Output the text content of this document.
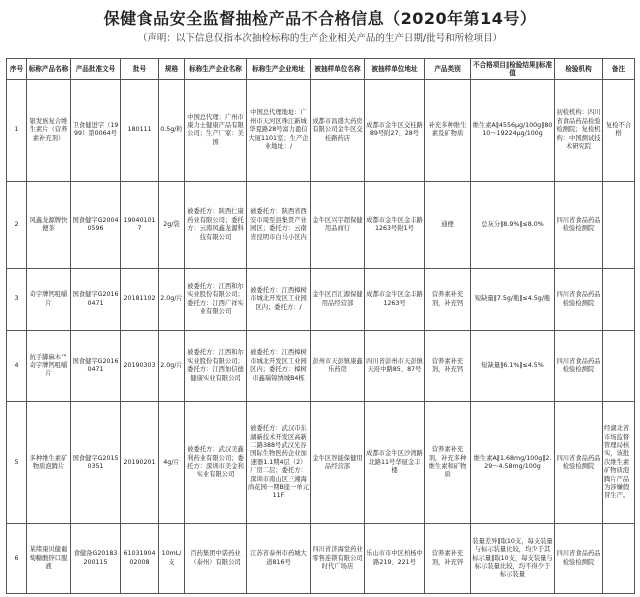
保健食品安全监督抽检产品不合格信息（2020年第14号）
（声明：以下信息仅指本次抽检标称的生产企业相关产品的生产日期/批号和所检项目）
序号	标称产品名称	产品批准文号	批号	规格	标称生产企业名称	标称生产企业地址	被抽样单位名称	被抽样单位地址	产品类别	不合格项目‖检验结果‖标准值	检验机构	备注
1	银发族复合维生素片（营养素补充剂）	卫食健进字（1999）第0064号	180111	0.5g/粒	中国总代理：广州市康力士健康产品有限公司；生产厂家：美国	中国总代理地址：广州市天河区珠江新城华夏路28号富力盈信大厦1101室；生产企业地址：/	成都市昌盛大药房有限公司金牛区交桂路药店	成都市金牛区交桂路89号附27、28号	补充多种维生素及矿物质	维生素A‖4556μg/100g‖8010～19224μg/100g	初检机构：四川省食品药品检验检测院；复检机构：中国测试技术研究院	复检不合格
2	风鑫龙源牌快便茶	国食健字G20040596	190401017	2g/袋	被委托方：陕西仁康药业有限公司；委托方：云南风鑫龙源科技有限公司	被委托方：陕西省西安市周至县集贤产业园区；委托方：云南省昆明市白马小区内	金牛区兴宇超保健用品商行	成都市金牛区金丰路1263号附1号	通便	总灰分‖8.9%‖≤8.0%	四川省食品药品检验检测院	
3	奇宇牌钙咀嚼片	国食健字G20160471	20181102	2.0g/片	被委托方：江西和尔实业股份有限公司；委托方：江西广祥实业有限公司	被委托方：江西樟树市城北开发区工业园区内；委托方：/	金牛区百汇源保健用品经营部	成都市金牛区金丰路1263号	营养素补充剂，补充钙	短缺量‖7.5g/瓶‖≤4.5g/瓶	四川省食品药品检验检测院	
4	抗手脚麻木™奇宇牌钙咀嚼片	国食健字G20160471	20190303	2.0g/片	被委托方：江西和尔实业股份有限公司；委托方：江西加信德健康实业有限公司	被委托方：江西樟树市城北开发区工业园区内；委托方：樟树市鑫瑞锦绣城B4栋	彭州市天彭镇康鑫乐药房	四川省彭州市天彭镇天府中路85、87号	营养素补充剂，补充钙	短缺量‖6.1%‖≤4.5%	四川省食品药品检验检测院	
5	多种维生素矿物质泡腾片	国食健字G20150351	20190201	4g/片	被委托方：武汉美鑫利药业有限公司；委托方：深圳市美金利实业有限公司	被委托方：武汉市东湖新技术开发区高新二路388号武汉光谷国际生物医药企业加速器1.1期4层（2）厂房二层；委托方：深圳市南山区三湘海尚花园一期B座一单元11F	金牛区智能保健用品经营部	成都市金牛区沙湾路北路11号华厦金丰楼	营养素补充剂，补充多种维生素和矿物质	维生素A‖1.68mg/100g‖2.29～4.58mg/100g	四川省食品药品检验检测院	经湖北省市场监督管理局核实，该批次维生素矿物质泡腾片产品为涉嫌假冒生产。
6	某绪康贝健葡萄糖酸锌口服液	食健备G20183200115	6103190402008	10mL/支	百药集团中诺药业（泰州）有限公司	江苏省泰州市药城大道816号	四川省济海堂药业零售连锁有限公司时代广场店	乐山市市中区柏杨中路219、221号	营养素补充剂，补充锌	装量差异‖取10支，每支装量与标示装量比较，均少于其标示量‖取10支，每支装量与标示装量比较，均不得少于标示装量	四川省食品药品检验检测院	
